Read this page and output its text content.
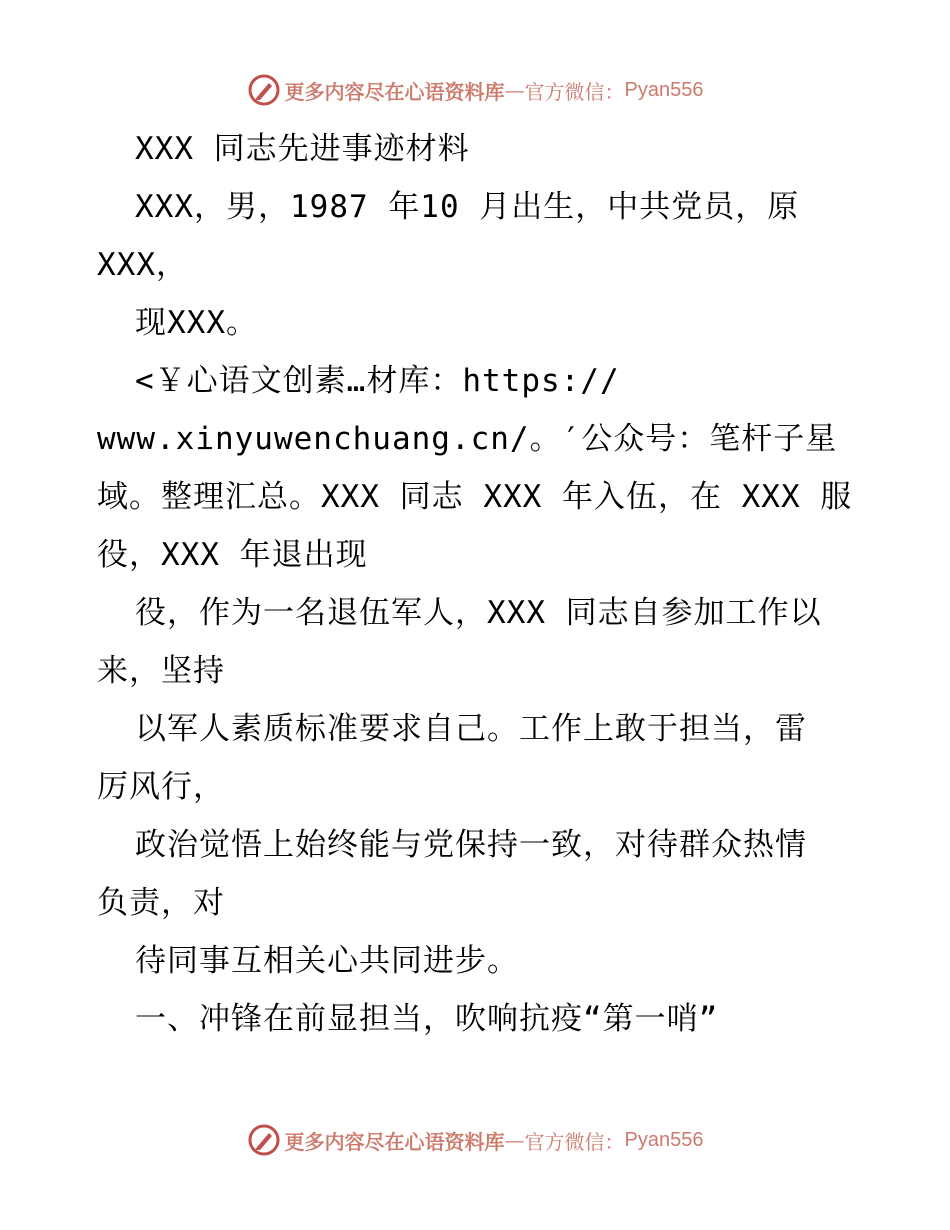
更多内容尽在心语资料库 — 官方微信： Pyan556
XXX 同志先进事迹材料
XXX，男，1987 年10 月出生，中共党员，原
XXX，
现XXX。
<￥心语文创素…材库：https://
www.xinyuwenchuang.cn/。′公众号：笔杆子星
域。整理汇总。XXX 同志 XXX 年入伍，在 XXX 服
役，XXX 年退出现
役，作为一名退伍军人，XXX 同志自参加工作以
来，坚持
以军人素质标准要求自己。工作上敢于担当，雷
厉风行，
政治觉悟上始终能与党保持一致，对待群众热情
负责，对
待同事互相关心共同进步。
一、冲锋在前显担当，吹响抗疫“第一哨”
更多内容尽在心语资料库 — 官方微信： Pyan556
